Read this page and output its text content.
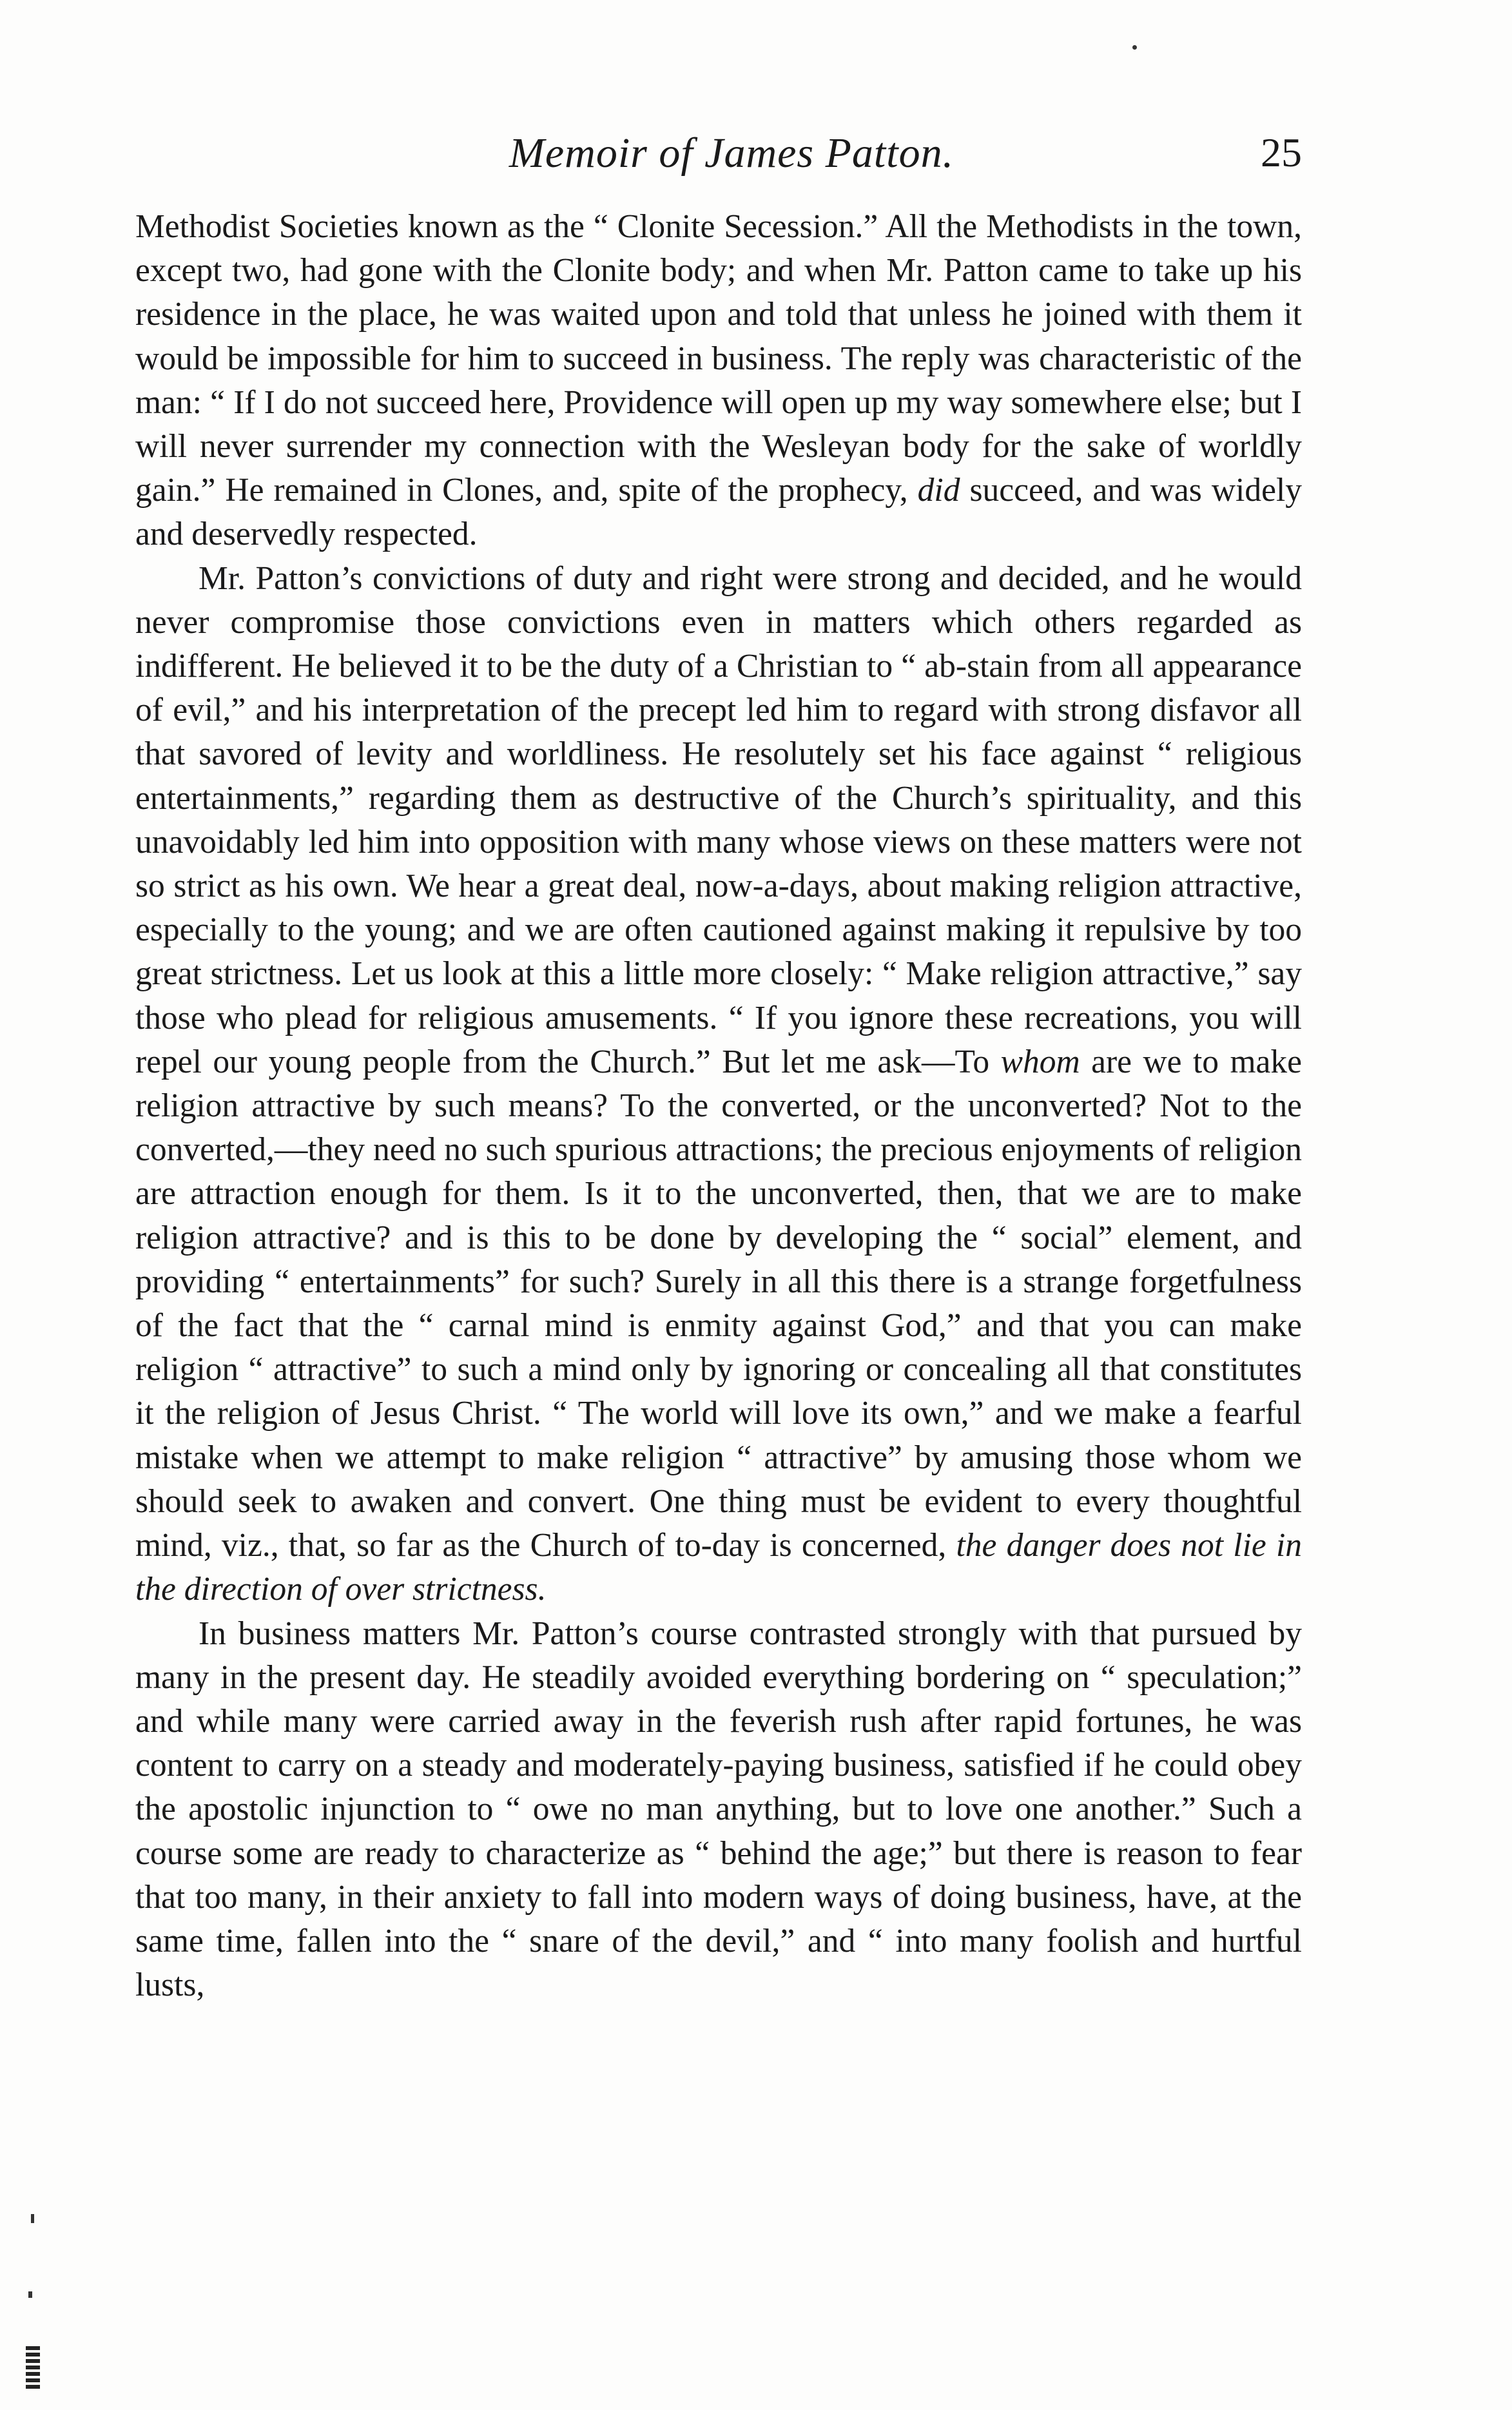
Memoir of James Patton.	25

Methodist Societies known as the “ Clonite Secession.” All the Methodists in the town, except two, had gone with the Clonite body; and when Mr. Patton came to take up his residence in the place, he was waited upon and told that unless he joined with them it would be impossible for him to succeed in business. The reply was characteristic of the man: “ If I do not succeed here, Providence will open up my way somewhere else; but I will never surrender my connection with the Wesleyan body for the sake of worldly gain.” He remained in Clones, and, spite of the prophecy, did succeed, and was widely and deservedly respected.

Mr. Patton’s convictions of duty and right were strong and decided, and he would never compromise those convictions even in matters which others regarded as indifferent. He believed it to be the duty of a Christian to “ ab-stain from all appearance of evil,” and his interpretation of the precept led him to regard with strong disfavor all that savored of levity and worldliness. He resolutely set his face against “ religious entertainments,” regarding them as destructive of the Church’s spirituality, and this unavoidably led him into opposition with many whose views on these matters were not so strict as his own. We hear a great deal, now-a-days, about making religion attractive, especially to the young; and we are often cautioned against making it repulsive by too great strictness. Let us look at this a little more closely: “ Make religion attractive,” say those who plead for religious amusements. “ If you ignore these recreations, you will repel our young people from the Church.” But let me ask—To whom are we to make religion attractive by such means? To the converted, or the unconverted? Not to the converted,—they need no such spurious attractions; the precious enjoyments of religion are attraction enough for them. Is it to the unconverted, then, that we are to make religion attractive? and is this to be done by developing the “ social” element, and providing “ entertainments” for such? Surely in all this there is a strange forgetfulness of the fact that the “ carnal mind is enmity against God,” and that you can make religion “ attractive” to such a mind only by ignoring or concealing all that constitutes it the religion of Jesus Christ. “ The world will love its own,” and we make a fearful mistake when we attempt to make religion “ attractive” by amusing those whom we should seek to awaken and convert. One thing must be evident to every thoughtful mind, viz., that, so far as the Church of to-day is concerned, the danger does not lie in the direction of over strictness.

In business matters Mr. Patton’s course contrasted strongly with that pursued by many in the present day. He steadily avoided everything bordering on “ speculation;” and while many were carried away in the feverish rush after rapid fortunes, he was content to carry on a steady and moderately-paying business, satisfied if he could obey the apostolic injunction to “ owe no man anything, but to love one another.” Such a course some are ready to characterize as “ behind the age;” but there is reason to fear that too many, in their anxiety to fall into modern ways of doing business, have, at the same time, fallen into the “ snare of the devil,” and “ into many foolish and hurtful lusts,
